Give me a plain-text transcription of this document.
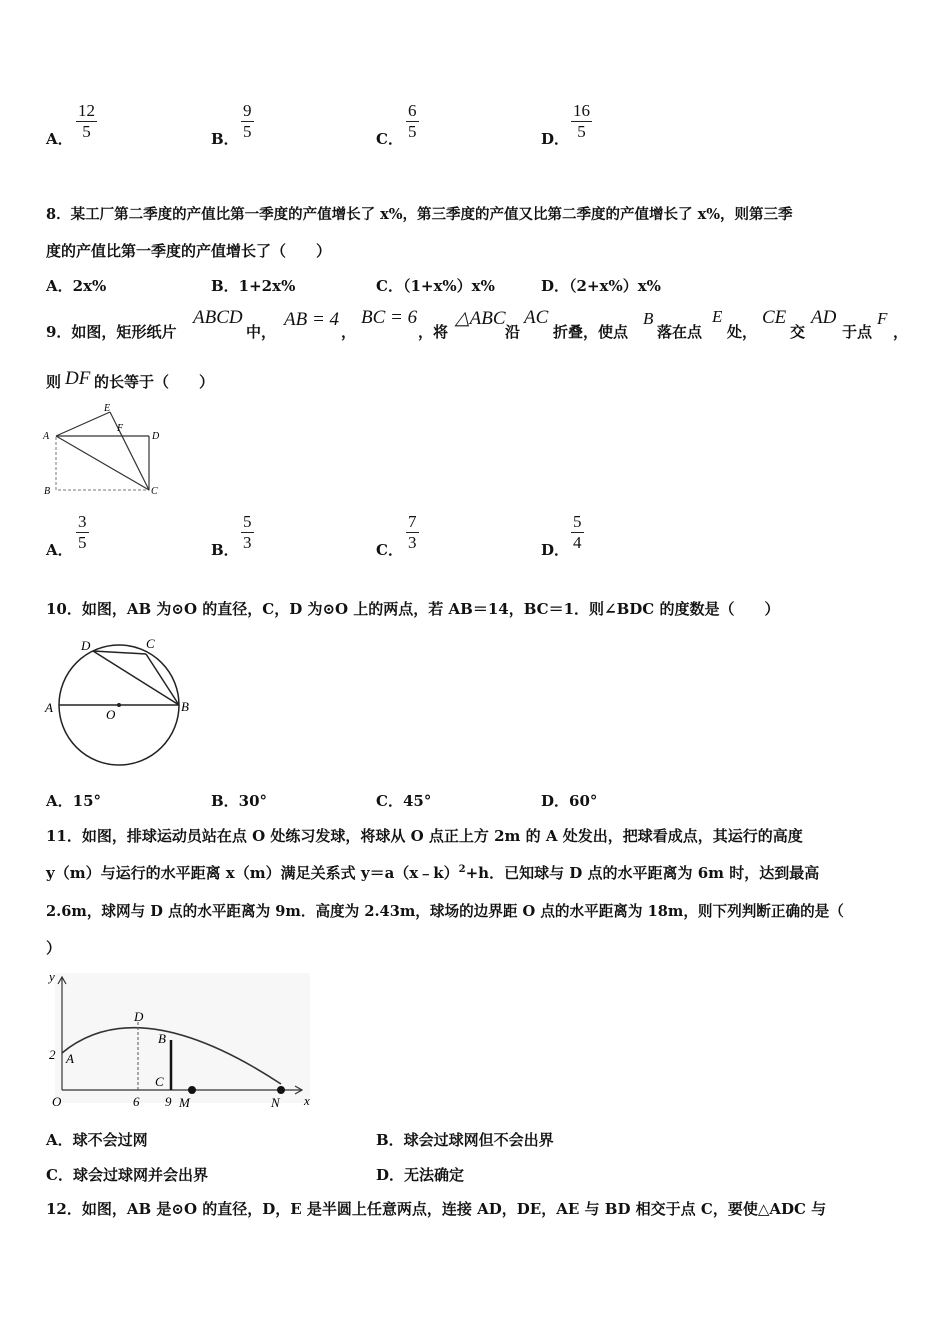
A． $\frac{12}{5}$	B． $\frac{9}{5}$	C． $\frac{6}{5}$	D． $\frac{16}{5}$
8．某工厂第二季度的产值比第一季度的产值增长了 x%，第三季度的产值又比第二季度的产值增长了 x%，则第三季
度的产值比第一季度的产值增长了（　　）
A．2x%	B．1+2x%	C．（1+x%）x%	D．（2+x%）x%
9．如图，矩形纸片
ABCD
中，
AB = 4
，
BC = 6
，将
△ABC
沿
AC
折叠，使点
B
落在点
E
处，
CE
交
AD
于点
F
，
则 DF 的长等于（　　）
A
B	C
D
E
F
A． $\frac{3}{5}$	B． $\frac{5}{3}$	C． $\frac{7}{3}$	D． $\frac{5}{4}$
10．如图，AB 为⊙O 的直径，C，D 为⊙O 上的两点，若 AB＝14，BC＝1．则∠BDC 的度数是（　　）
A	B
C
D
O
A．15°	B．30°	C．45°	D．60°
11．如图，排球运动员站在点 O 处练习发球，将球从 O 点正上方 2m 的 A 处发出，把球看成点，其运行的高度
y（m）与运行的水平距离 x（m）满足关系式 y＝a（x﹣k）$^2$+h．已知球与 D 点的水平距离为 6m 时，达到最高
2.6m，球网与 D 点的水平距离为 9m．高度为 2.43m，球场的边界距 O 点的水平距离为 18m，则下列判断正确的是（
）
y
x
O
2 A
D
B
C
6 9 M	N
A．球不会过网	B．球会过球网但不会出界
C．球会过球网并会出界	D．无法确定
12．如图，AB 是⊙O 的直径，D，E 是半圆上任意两点，连接 AD，DE，AE 与 BD 相交于点 C，要使△ADC 与
